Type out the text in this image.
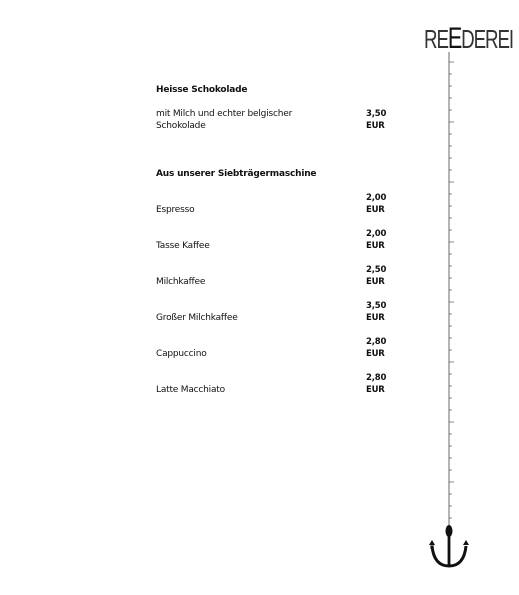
REEDEREI
Heisse Schokolade
mit Milch und echter belgischer
Schokolade
3,50 EUR
Aus unserer Siebträgermaschine
Espresso
2,00 EUR
Tasse Kaffee
2,00 EUR
Milchkaffee
2,50 EUR
Großer Milchkaffee
3,50 EUR
Cappuccino
2,80 EUR
Latte Macchiato
2,80 EUR
